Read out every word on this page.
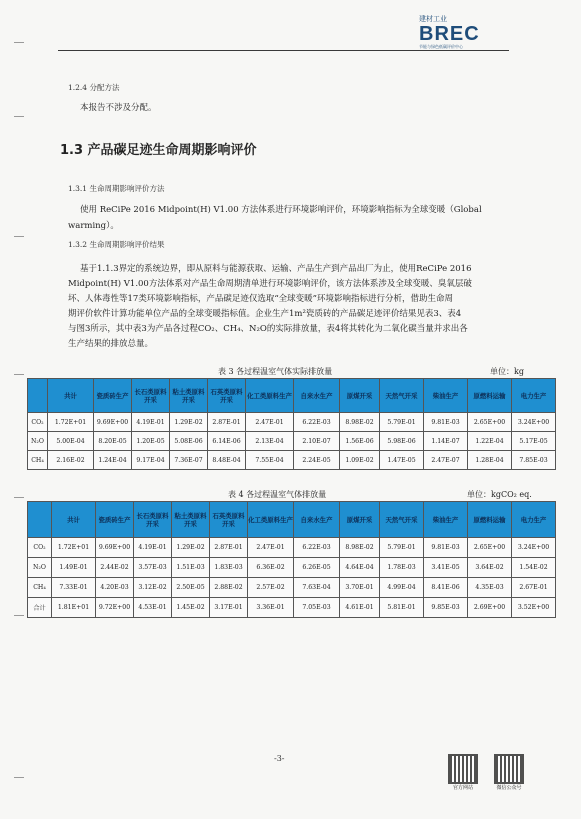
建材工业
BREC
节能与绿色低碳评价中心
1.2.4 分配方法
本报告不涉及分配。
1.3 产品碳足迹生命周期影响评价
1.3.1 生命周期影响评价方法
使用 ReCiPe 2016 Midpoint(H) V1.00 方法体系进行环境影响评价，环境影响指标为全球变暖（Global
warming）。
1.3.2 生命周期影响评价结果
基于1.1.3界定的系统边界，即从原料与能源获取、运输、产品生产到产品出厂为止，使用ReCiPe 2016
Midpoint(H) V1.00方法体系对产品生命周期清单进行环境影响评价，该方法体系涉及全球变暖、臭氧层破
坏、人体毒性等17类环境影响指标，产品碳足迹仅选取“全球变暖”环境影响指标进行分析，借助生命周
期评价软件计算功能单位产品的全球变暖指标值。企业生产1m²瓷质砖的产品碳足迹评价结果见表3、表4
与图3所示，其中表3为产品各过程CO₂、CH₄、N₂O的实际排放量，表4将其转化为二氧化碳当量并求出各
生产结果的排放总量。
表 3 各过程温室气体实际排放量	单位：kg
	共计	瓷质砖生产	长石类原料开采	粘土类原料开采	石英类原料开采	化工类原料生产	自来水生产	原煤开采	天然气开采	柴油生产	原燃料运输	电力生产
CO₂	1.72E+01	9.69E+00	4.19E-01	1.29E-02	2.87E-01	2.47E-01	6.22E-03	8.98E-02	5.79E-01	9.81E-03	2.65E+00	3.24E+00
N₂O	5.00E-04	8.20E-05	1.20E-05	5.08E-06	6.14E-06	2.13E-04	2.10E-07	1.56E-06	5.98E-06	1.14E-07	1.22E-04	5.17E-05
CH₄	2.16E-02	1.24E-04	9.17E-04	7.36E-07	8.48E-04	7.55E-04	2.24E-05	1.09E-02	1.47E-05	2.47E-07	1.28E-04	7.85E-03
表 4 各过程温室气体排放量	单位：kgCO₂ eq.
	共计	瓷质砖生产	长石类原料开采	粘土类原料开采	石英类原料开采	化工类原料生产	自来水生产	原煤开采	天然气开采	柴油生产	原燃料运输	电力生产
CO₂	1.72E+01	9.69E+00	4.19E-01	1.29E-02	2.87E-01	2.47E-01	6.22E-03	8.98E-02	5.79E-01	9.81E-03	2.65E+00	3.24E+00
N₂O	1.49E-01	2.44E-02	3.57E-03	1.51E-03	1.83E-03	6.36E-02	6.26E-05	4.64E-04	1.78E-03	3.41E-05	3.64E-02	1.54E-02
CH₄	7.33E-01	4.20E-03	3.12E-02	2.50E-05	2.88E-02	2.57E-02	7.63E-04	3.70E-01	4.99E-04	8.41E-06	4.35E-03	2.67E-01
合计	1.81E+01	9.72E+00	4.53E-01	1.45E-02	3.17E-01	3.36E-01	7.05E-03	4.61E-01	5.81E-01	9.85E-03	2.69E+00	3.52E+00
-3-
官方网站	微信公众号
